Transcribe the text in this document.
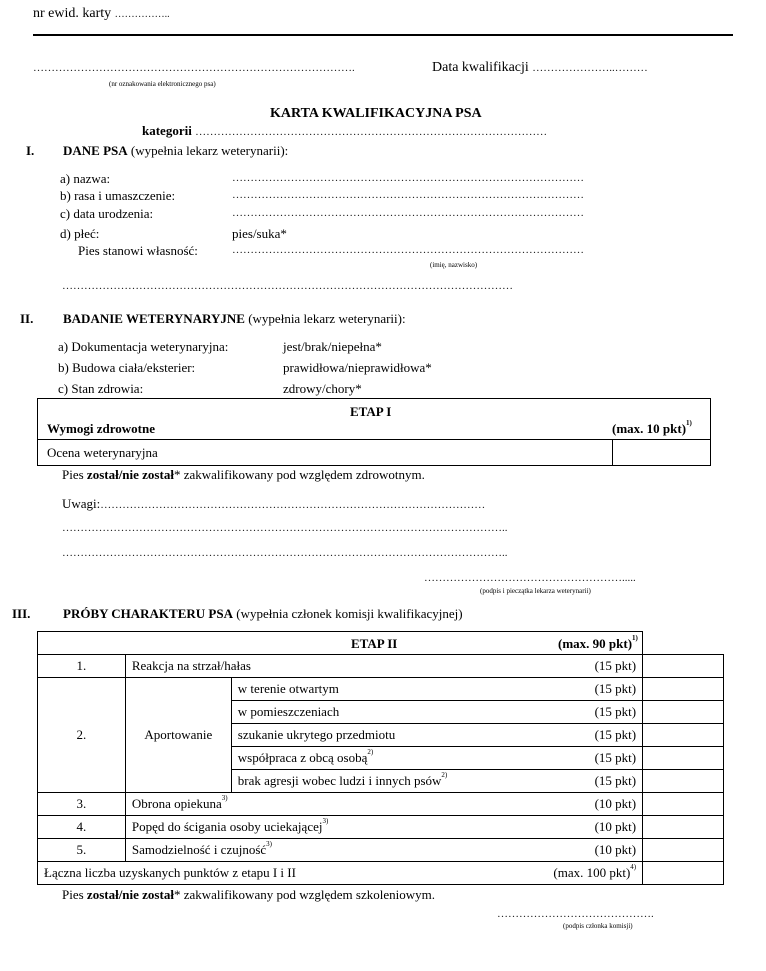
nr ewid. karty ……………..
…………………………………………………………………………….
(nr oznakowania elektronicznego psa)
Data kwalifikacji …………………..………
KARTA KWALIFIKACYJNA PSA
kategorii ……………………………………………………………………………………
I. DANE PSA (wypełnia lekarz weterynarii):
a) nazwa:	……………………………………………………………………………………
b) rasa i umaszczenie:	……………………………………………………………………………………
c) data urodzenia:	……………………………………………………………………………………
d) płeć:	pies/suka*
Pies stanowi własność:	……………………………………………………………………………………
(imię, nazwisko)
……………………………………………………………………………………………………………
II. BADANIE WETERYNARYJNE (wypełnia lekarz weterynarii):
a) Dokumentacja weterynaryjna:	jest/brak/niepełna*
b) Budowa ciała/eksterier:	prawidłowa/nieprawidłowa*
c) Stan zdrowia:	zdrowy/chory*
ETAP I
Wymogi zdrowotne	(max. 10 pkt)$^{1)}$
Ocena weterynaryjna
Pies został/nie został* zakwalifikowany pod względem zdrowotnym.
Uwagi:……………………………………………………………………………………………
…………………………………………………………………………………………………………..
…………………………………………………………………………………………………………..
……………………………………………….....
(podpis i pieczątka lekarza weterynarii)
III.	PRÓBY CHARAKTERU PSA (wypełnia członek komisji kwalifikacyjnej)
ETAP II (max. 90 pkt)$^{1)}$

1.	Reakcja na strzał/hałas (15 pkt)		

2.	Aportowanie	w terenie otwartym (15 pkt)	

		w pomieszczeniach (15 pkt)	

		szukanie ukrytego przedmiotu (15 pkt)	

		współpraca z obcą osobą$^{2)}$ (15 pkt)	

		brak agresji wobec ludzi i innych psów$^{2)}$ (15 pkt)	

3.	Obrona opiekuna$^{3)}$ (10 pkt)		

4.	Popęd do ścigania osoby uciekającej$^{3)}$ (10 pkt)		

5.	Samodzielność i czujność$^{3)}$ (10 pkt)		

Łączna liczba uzyskanych punktów z etapu I i II (max. 100 pkt)$^{4)}$

Pies został/nie został* zakwalifikowany pod względem szkoleniowym.
…………………………………….
(podpis członka komisji)
